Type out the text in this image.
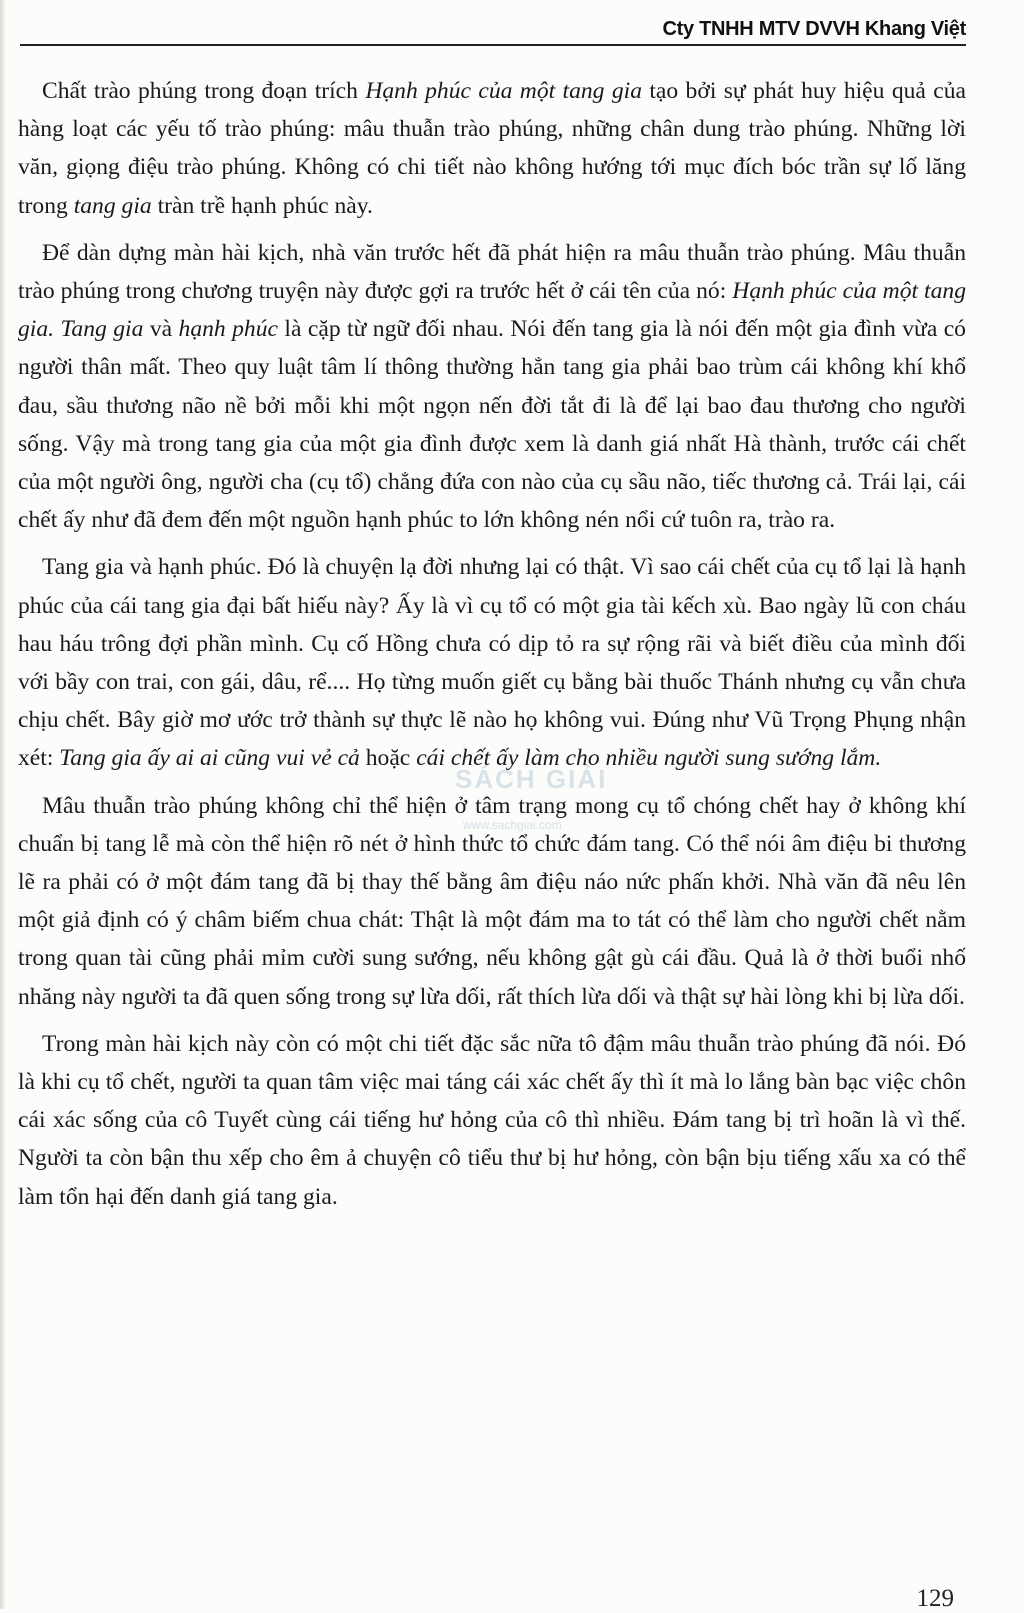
Cty TNHH MTV DVVH Khang Việt

Chất trào phúng trong đoạn trích Hạnh phúc của một tang gia tạo bởi sự phát huy hiệu quả của hàng loạt các yếu tố trào phúng: mâu thuẫn trào phúng, những chân dung trào phúng. Những lời văn, giọng điệu trào phúng. Không có chi tiết nào không hướng tới mục đích bóc trần sự lố lăng trong tang gia tràn trề hạnh phúc này.

Để dàn dựng màn hài kịch, nhà văn trước hết đã phát hiện ra mâu thuẫn trào phúng. Mâu thuẫn trào phúng trong chương truyện này được gợi ra trước hết ở cái tên của nó: Hạnh phúc của một tang gia. Tang gia và hạnh phúc là cặp từ ngữ đối nhau. Nói đến tang gia là nói đến một gia đình vừa có người thân mất. Theo quy luật tâm lí thông thường hẳn tang gia phải bao trùm cái không khí khổ đau, sầu thương não nề bởi mỗi khi một ngọn nến đời tắt đi là để lại bao đau thương cho người sống. Vậy mà trong tang gia của một gia đình được xem là danh giá nhất Hà thành, trước cái chết của một người ông, người cha (cụ tổ) chẳng đứa con nào của cụ sầu não, tiếc thương cả. Trái lại, cái chết ấy như đã đem đến một nguồn hạnh phúc to lớn không nén nổi cứ tuôn ra, trào ra.

Tang gia và hạnh phúc. Đó là chuyện lạ đời nhưng lại có thật. Vì sao cái chết của cụ tổ lại là hạnh phúc của cái tang gia đại bất hiếu này? Ấy là vì cụ tổ có một gia tài kếch xù. Bao ngày lũ con cháu hau háu trông đợi phần mình. Cụ cố Hồng chưa có dịp tỏ ra sự rộng rãi và biết điều của mình đối với bầy con trai, con gái, dâu, rể.... Họ từng muốn giết cụ bằng bài thuốc Thánh nhưng cụ vẫn chưa chịu chết. Bây giờ mơ ước trở thành sự thực lẽ nào họ không vui. Đúng như Vũ Trọng Phụng nhận xét: Tang gia ấy ai ai cũng vui vẻ cả hoặc cái chết ấy làm cho nhiều người sung sướng lắm.

Mâu thuẫn trào phúng không chỉ thể hiện ở tâm trạng mong cụ tổ chóng chết hay ở không khí chuẩn bị tang lễ mà còn thể hiện rõ nét ở hình thức tổ chức đám tang. Có thể nói âm điệu bi thương lẽ ra phải có ở một đám tang đã bị thay thế bằng âm điệu náo nức phấn khởi. Nhà văn đã nêu lên một giả định có ý châm biếm chua chát: Thật là một đám ma to tát có thể làm cho người chết nằm trong quan tài cũng phải mỉm cười sung sướng, nếu không gật gù cái đầu. Quả là ở thời buổi nhố nhăng này người ta đã quen sống trong sự lừa dối, rất thích lừa dối và thật sự hài lòng khi bị lừa dối.

Trong màn hài kịch này còn có một chi tiết đặc sắc nữa tô đậm mâu thuẫn trào phúng đã nói. Đó là khi cụ tổ chết, người ta quan tâm việc mai táng cái xác chết ấy thì ít mà lo lắng bàn bạc việc chôn cái xác sống của cô Tuyết cùng cái tiếng hư hỏng của cô thì nhiều. Đám tang bị trì hoãn là vì thế. Người ta còn bận thu xếp cho êm ả chuyện cô tiểu thư bị hư hỏng, còn bận bịu tiếng xấu xa có thể làm tổn hại đến danh giá tang gia.

SÁCH GIẢI
www.sachgiai.com
129
